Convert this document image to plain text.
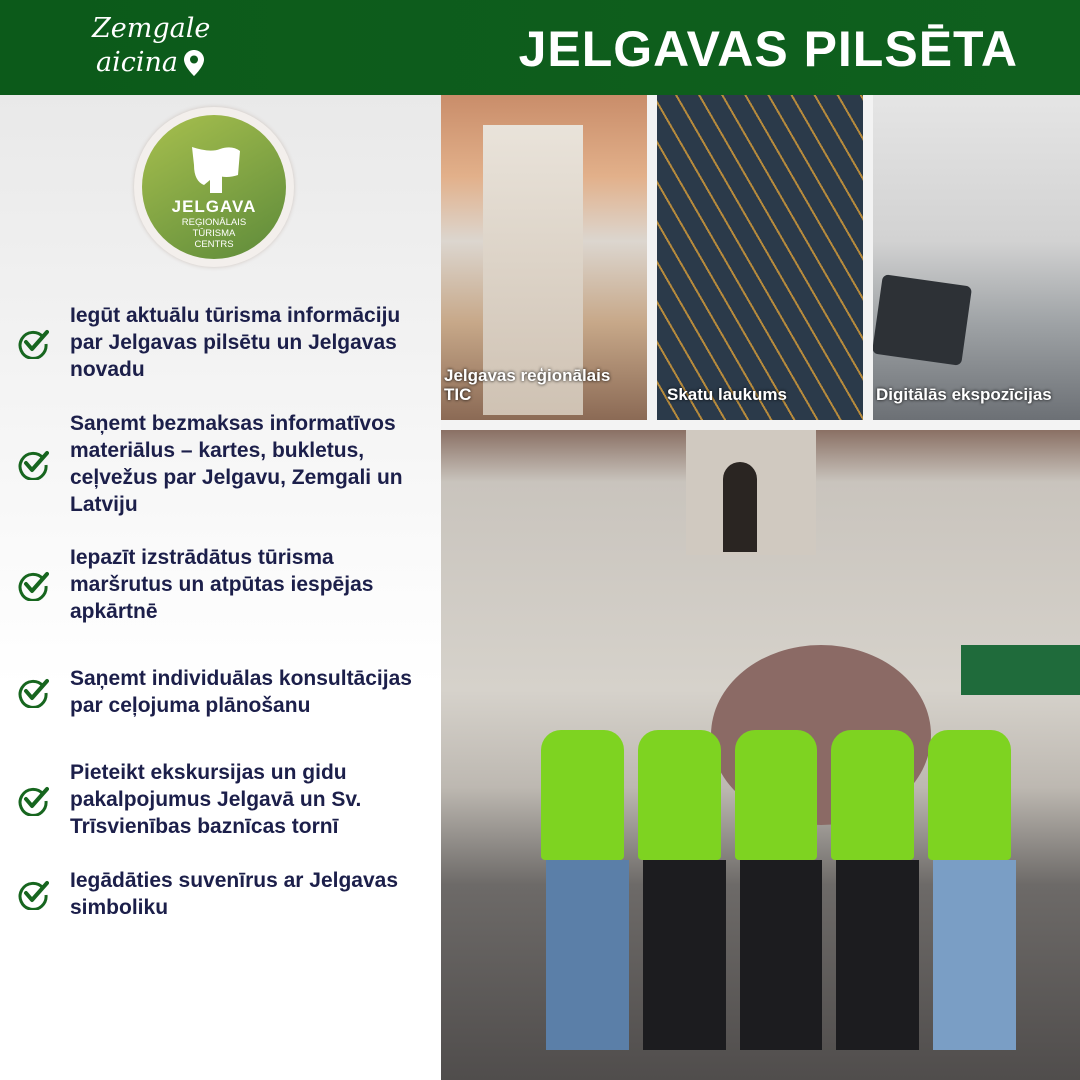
Zemgale
aicina	JELGAVAS PILSĒTA
JELGAVA
REĢIONĀLAIS
TŪRISMA
CENTRS
Iegūt aktuālu tūrisma informāciju par Jelgavas pilsētu un Jelgavas novadu
Saņemt bezmaksas informatīvos materiālus – kartes, bukletus, ceļvežus par Jelgavu, Zemgali un Latviju
Iepazīt izstrādātus tūrisma maršrutus un atpūtas iespējas apkārtnē
Saņemt individuālas konsultācijas par ceļojuma plānošanu
Pieteikt ekskursijas un gidu pakalpojumus Jelgavā un Sv. Trīsvienības baznīcas tornī
Iegādāties suvenīrus ar Jelgavas simboliku
Jelgavas reģionālais TIC	Skatu laukums	Digitālās ekspozīcijas
